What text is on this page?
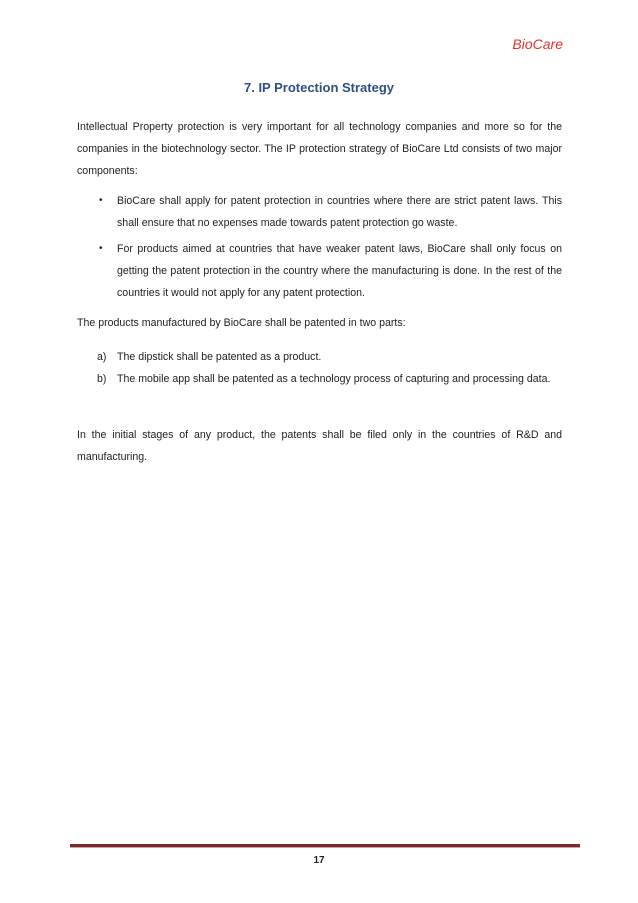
BioCare
7. IP Protection Strategy

Intellectual Property protection is very important for all technology companies and more so for the companies in the biotechnology sector. The IP protection strategy of BioCare Ltd consists of two major components:

• BioCare shall apply for patent protection in countries where there are strict patent laws. This shall ensure that no expenses made towards patent protection go waste.
• For products aimed at countries that have weaker patent laws, BioCare shall only focus on getting the patent protection in the country where the manufacturing is done. In the rest of the countries it would not apply for any patent protection.

The products manufactured by BioCare shall be patented in two parts:

a) The dipstick shall be patented as a product.
b) The mobile app shall be patented as a technology process of capturing and processing data.

In the initial stages of any product, the patents shall be filed only in the countries of R&D and manufacturing.

17
